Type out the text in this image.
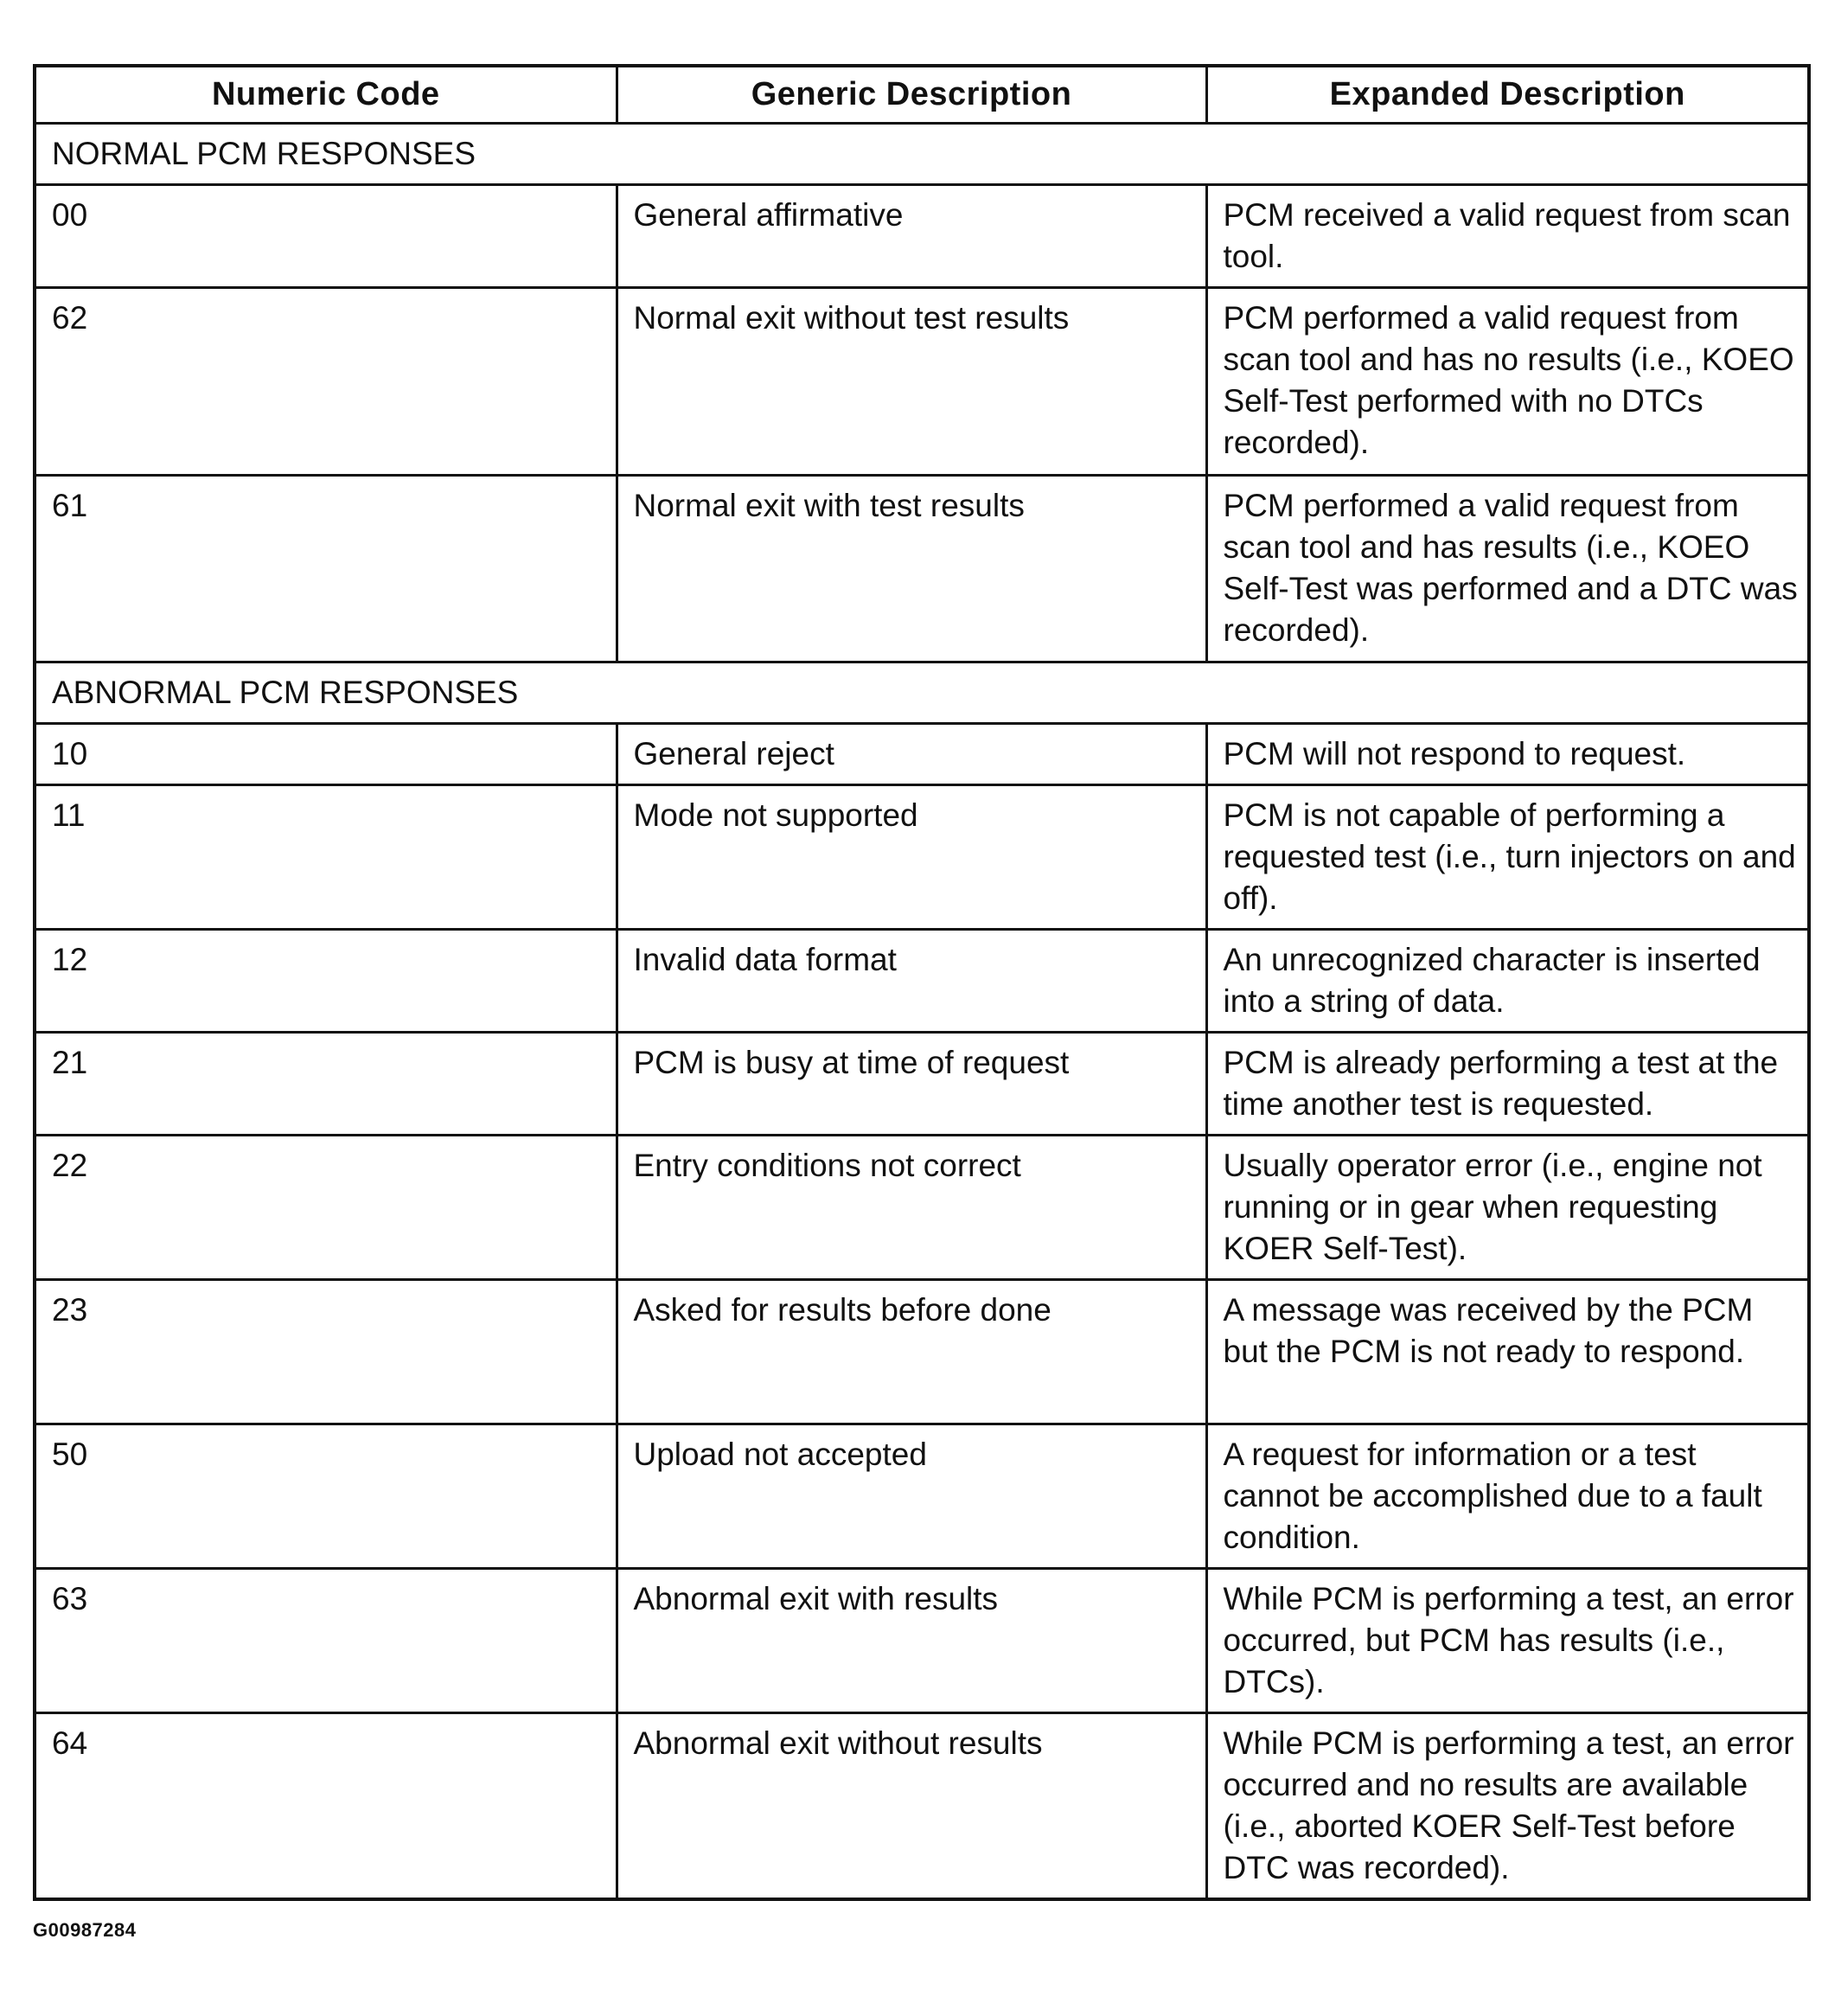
Numeric Code	Generic Description	Expanded Description
NORMAL PCM RESPONSES		
00	General affirmative	PCM received a valid request from scan tool.
62	Normal exit without test results	PCM performed a valid request from scan tool and has no results (i.e., KOEO Self-Test performed with no DTCs recorded).
61	Normal exit with test results	PCM performed a valid request from scan tool and has results (i.e., KOEO Self-Test was performed and a DTC was recorded).
ABNORMAL PCM RESPONSES		
10	General reject	PCM will not respond to request.
11	Mode not supported	PCM is not capable of performing a requested test (i.e., turn injectors on and off).
12	Invalid data format	An unrecognized character is inserted into a string of data.
21	PCM is busy at time of request	PCM is already performing a test at the time another test is requested.
22	Entry conditions not correct	Usually operator error (i.e., engine not running or in gear when requesting KOER Self-Test).
23	Asked for results before done	A message was received by the PCM but the PCM is not ready to respond.
50	Upload not accepted	A request for information or a test cannot be accomplished due to a fault condition.
63	Abnormal exit with results	While PCM is performing a test, an error occurred, but PCM has results (i.e., DTCs).
64	Abnormal exit without results	While PCM is performing a test, an error occurred and no results are available (i.e., aborted KOER Self-Test before DTC was recorded).
G00987284
